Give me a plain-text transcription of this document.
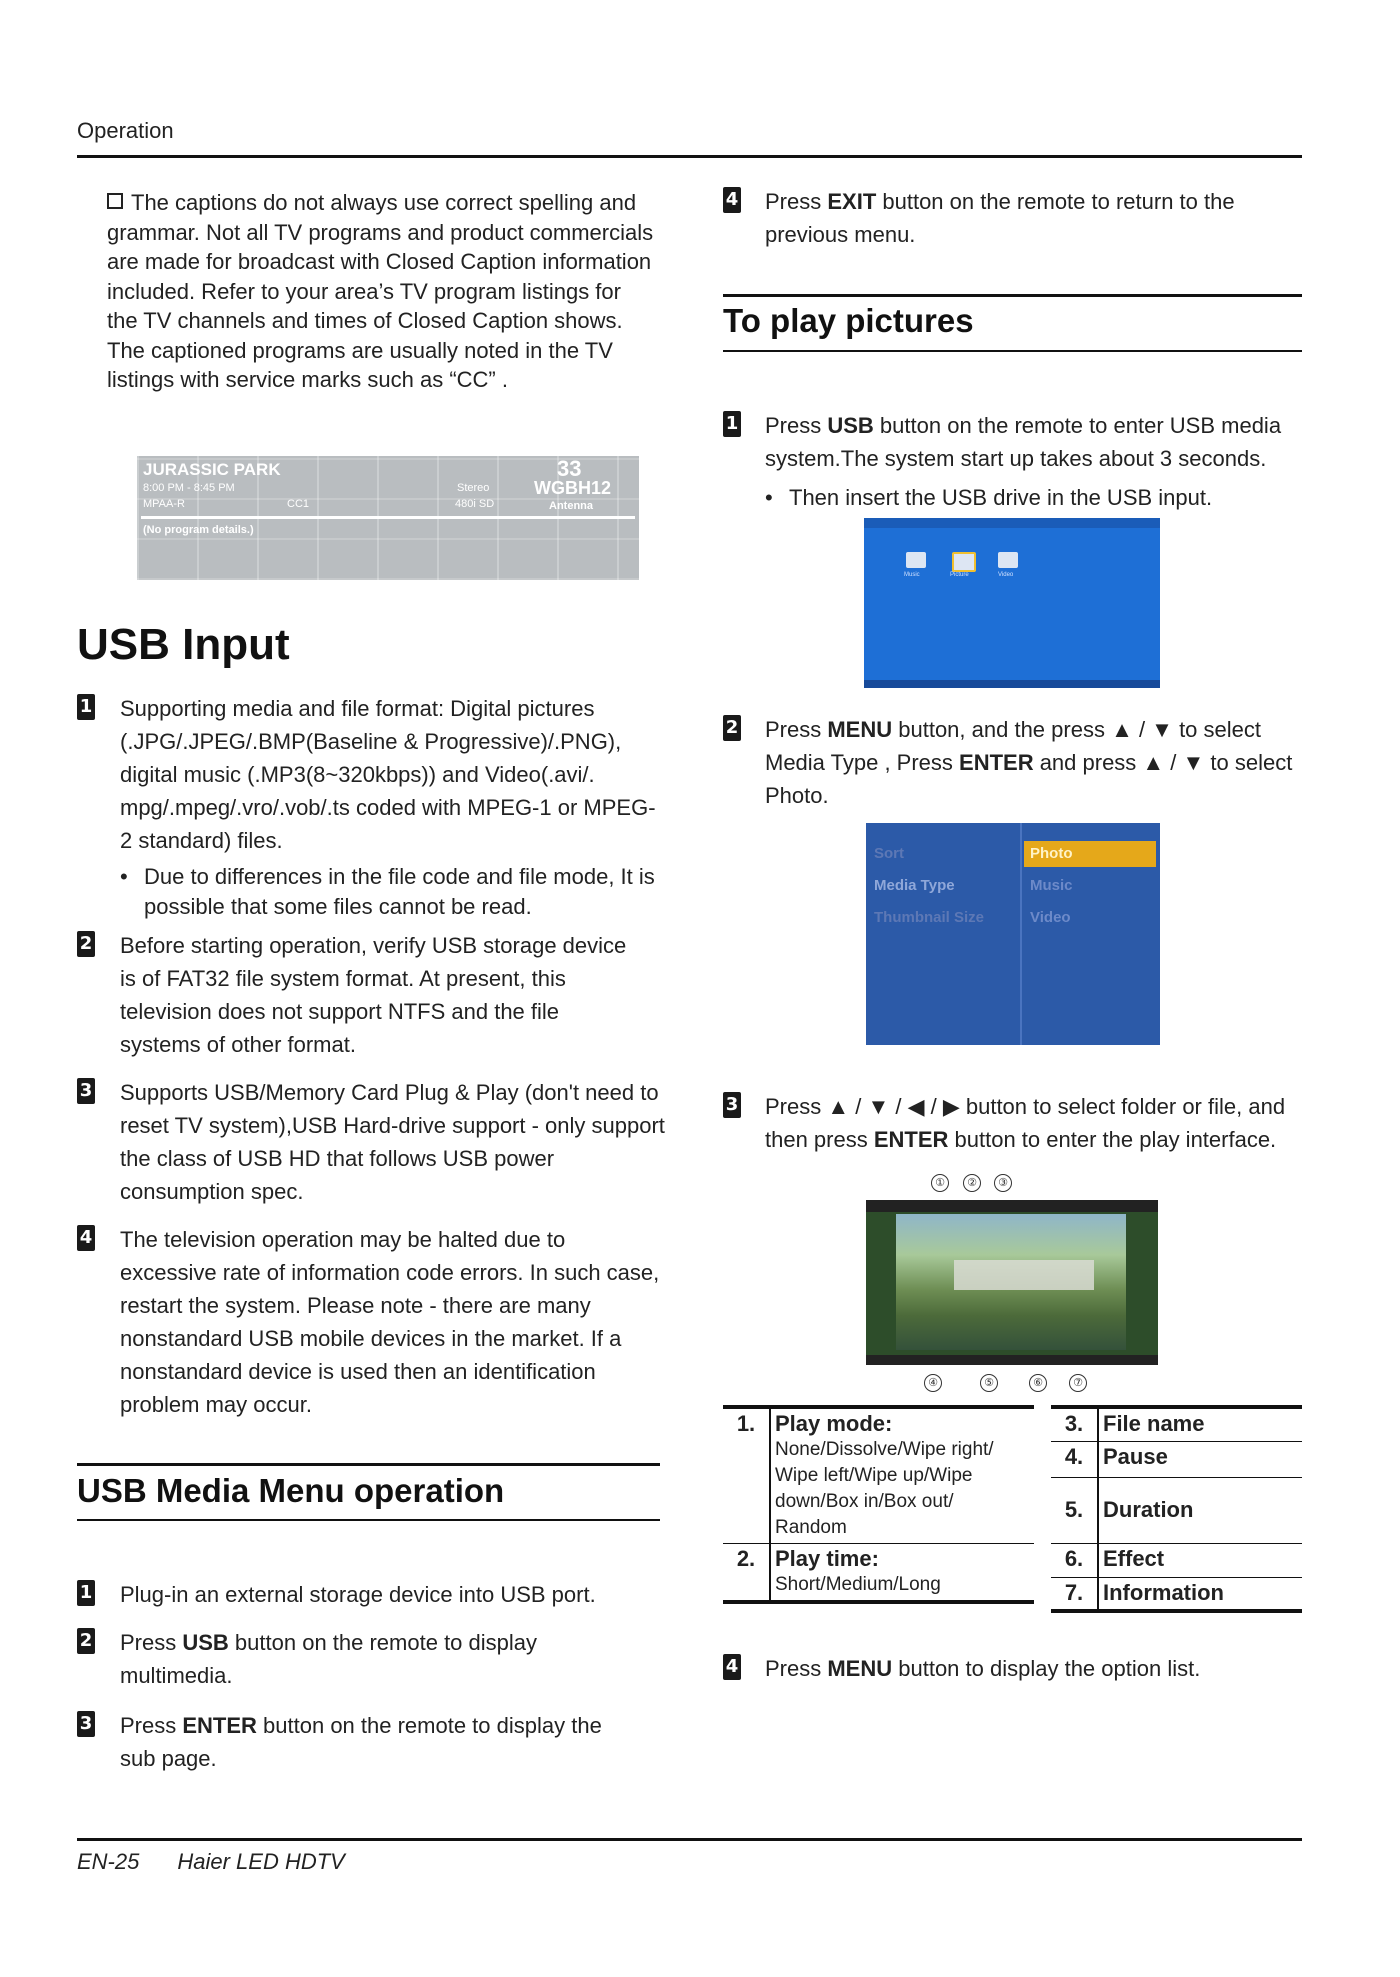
Operation
The captions do not always use correct spelling and grammar. Not all TV programs and product commercials are made for broadcast with Closed Caption information included. Refer to your area’s TV program listings for the TV channels and times of Closed Caption shows. The captioned programs are usually noted in the TV listings with service marks such as “CC” .
JURASSIC PARK
8:00 PM - 8:45 PM
MPAA-R	CC1
Stereo
480i SD
33
WGBH12
Antenna
(No program details.)
USB Input
1 Supporting media and file format: Digital pictures (.JPG/.JPEG/.BMP(Baseline & Progressive)/.PNG), digital music (.MP3(8~320kbps)) and Video(.avi/. mpg/.mpeg/.vro/.vob/.ts coded with MPEG-1 or MPEG-2 standard) files.
• Due to differences in the file code and file mode, It is possible that some files cannot be read.
2 Before starting operation, verify USB storage device is of FAT32 file system format. At present, this television does not support NTFS and the file systems of other format.
3 Supports USB/Memory Card Plug & Play (don't need to reset TV system),USB Hard-drive support - only support the class of USB HD that follows USB power consumption spec.
4 The television operation may be halted due to excessive rate of information code errors. In such case, restart the system. Please note - there are many nonstandard USB mobile devices in the market. If a nonstandard device is used then an identification problem may occur.
USB Media Menu operation
1 Plug-in an external storage device into USB port.
2 Press USB button on the remote to display multimedia.
3 Press ENTER button on the remote to display the sub page.
4 Press EXIT button on the remote to return to the previous menu.
To play pictures
1 Press USB button on the remote to enter USB media system.The system start up takes about 3 seconds.
• Then insert the USB drive in the USB input.
Music	Picture	Video
2 Press MENU button, and the press ▲ / ▼ to select Media Type , Press ENTER and press ▲ / ▼ to select Photo.
Sort
Media Type
Thumbnail Size
Photo
Music
Video
3 Press ▲ / ▼ / ◀ / ▶ button to select folder or file, and then press ENTER button to enter the play interface.
①	②	③
④	⑤	⑥	⑦
1.	Play mode:
None/Dissolve/Wipe right/ Wipe left/Wipe up/Wipe down/Box in/Box out/ Random

2.	Play time:
Short/Medium/Long
3.	File name
4.	Pause
5.	Duration
6.	Effect
7.	Information
4 Press MENU button to display the option list.
EN-25 Haier LED HDTV
